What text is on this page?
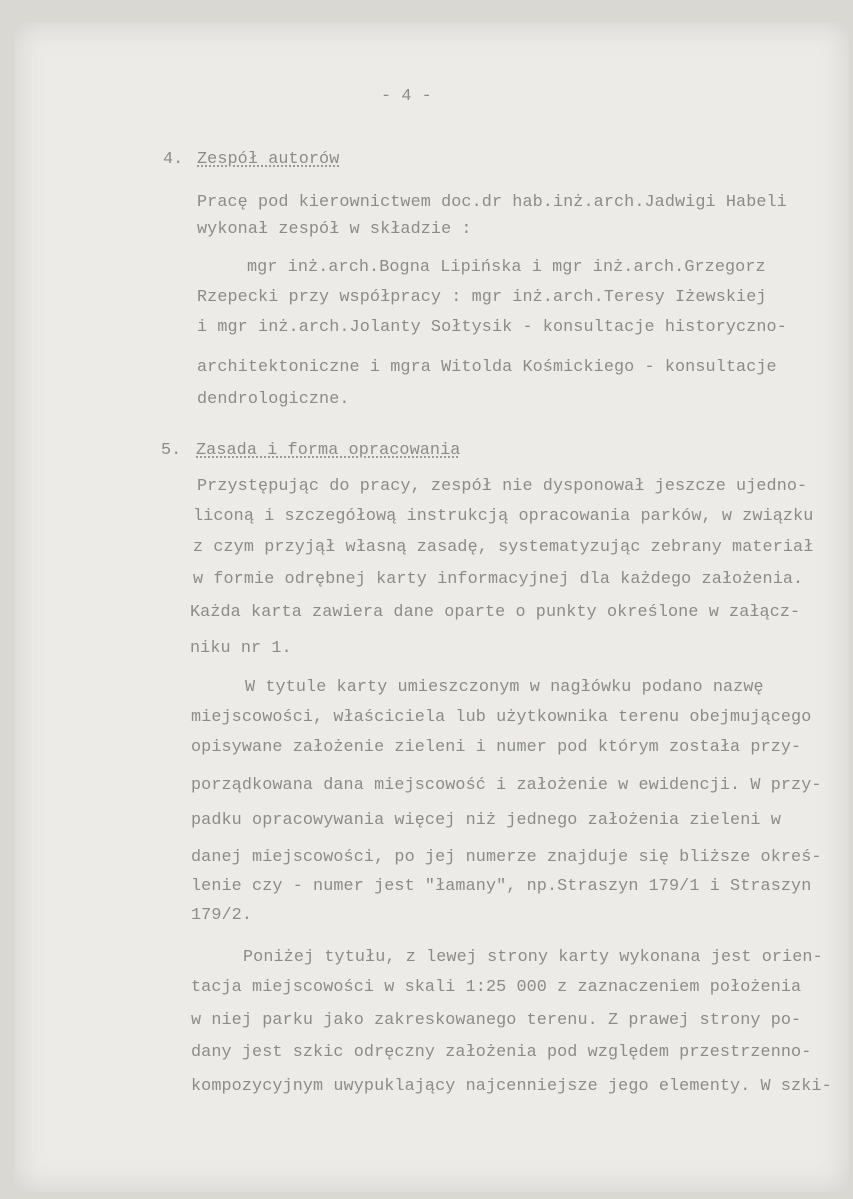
- 4 -
4. Zespół autorów
5. Zasada i forma opracowania
Pracę pod kierownictwem doc.dr hab.inż.arch.Jadwigi Habeli
wykonał zespół w składzie :
mgr inż.arch.Bogna Lipińska i mgr inż.arch.Grzegorz
Rzepecki przy współpracy : mgr inż.arch.Teresy Iżewskiej
i mgr inż.arch.Jolanty Sołtysik - konsultacje historyczno-
architektoniczne i mgra Witolda Kośmickiego - konsultacje
dendrologiczne.
Przystępując do pracy, zespół nie dysponował jeszcze ujedno-
liconą i szczegółową instrukcją opracowania parków, w związku
z czym przyjął własną zasadę, systematyzując zebrany materiał
w formie odrębnej karty informacyjnej dla każdego założenia.
Każda karta zawiera dane oparte o punkty określone w załącz-
niku nr 1.
W tytule karty umieszczonym w nagłówku podano nazwę
miejscowości, właściciela lub użytkownika terenu obejmującego
opisywane założenie zieleni i numer pod którym została przy-
porządkowana dana miejscowość i założenie w ewidencji. W przy-
padku opracowywania więcej niż jednego założenia zieleni w
danej miejscowości, po jej numerze znajduje się bliższe okreś-
lenie czy - numer jest "łamany", np.Straszyn 179/1 i Straszyn
179/2.
Poniżej tytułu, z lewej strony karty wykonana jest orien-
tacja miejscowości w skali 1:25 000 z zaznaczeniem położenia
w niej parku jako zakreskowanego terenu. Z prawej strony po-
dany jest szkic odręczny założenia pod względem przestrzenno-
kompozycyjnym uwypuklający najcenniejsze jego elementy. W szki-
